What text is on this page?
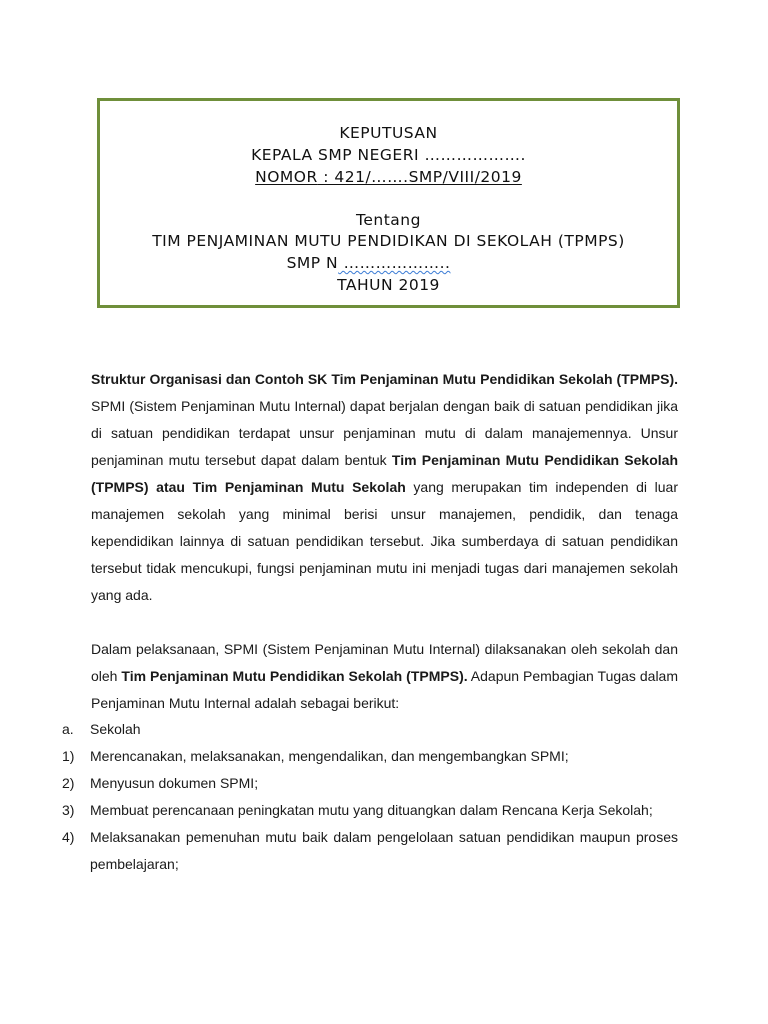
KEPUTUSAN
KEPALA SMP NEGERI ……………….
NOMOR : 421/…….SMP/VIII/2019
Tentang
TIM PENJAMINAN MUTU PENDIDIKAN DI SEKOLAH (TPMPS)
SMP N ………………..
TAHUN 2019

Struktur Organisasi dan Contoh SK Tim Penjaminan Mutu Pendidikan Sekolah (TPMPS). SPMI (Sistem Penjaminan Mutu Internal) dapat berjalan dengan baik di satuan pendidikan jika di satuan pendidikan terdapat unsur penjaminan mutu di dalam manajemennya. Unsur penjaminan mutu tersebut dapat dalam bentuk Tim Penjaminan Mutu Pendidikan Sekolah (TPMPS) atau Tim Penjaminan Mutu Sekolah yang merupakan tim independen di luar manajemen sekolah yang minimal berisi unsur manajemen, pendidik, dan tenaga kependidikan lainnya di satuan pendidikan tersebut. Jika sumberdaya di satuan pendidikan tersebut tidak mencukupi, fungsi penjaminan mutu ini menjadi tugas dari manajemen sekolah yang ada.

Dalam pelaksanaan, SPMI (Sistem Penjaminan Mutu Internal) dilaksanakan oleh sekolah dan oleh Tim Penjaminan Mutu Pendidikan Sekolah (TPMPS). Adapun Pembagian Tugas dalam Penjaminan Mutu Internal adalah sebagai berikut:

a. Sekolah
1) Merencanakan, melaksanakan, mengendalikan, dan mengembangkan SPMI;
2) Menyusun dokumen SPMI;
3) Membuat perencanaan peningkatan mutu yang dituangkan dalam Rencana Kerja Sekolah;
4) Melaksanakan pemenuhan mutu baik dalam pengelolaan satuan pendidikan maupun proses pembelajaran;
